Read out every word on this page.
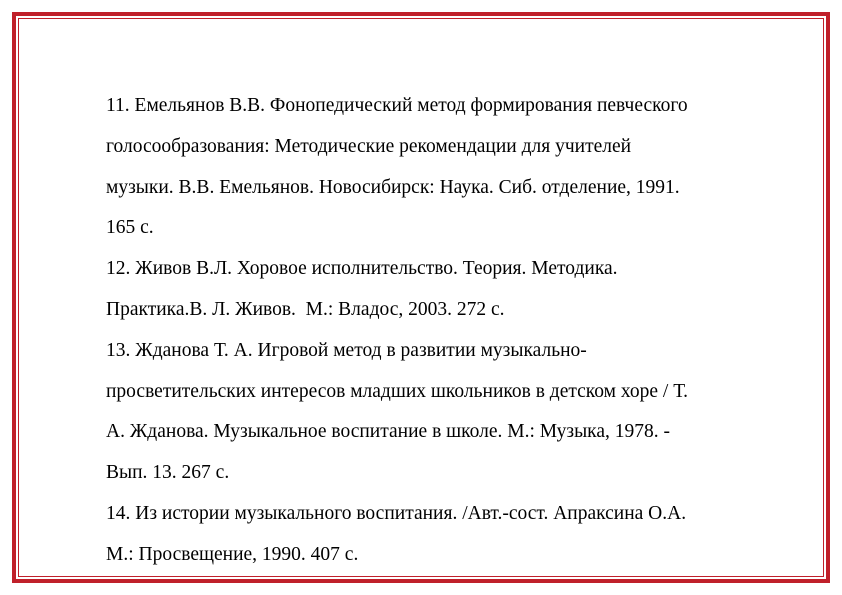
11. Емельянов В.В. Фонопедический метод формирования певческого
голосообразования: Методические рекомендации для учителей
музыки. В.В. Емельянов. Новосибирск: Наука. Сиб. отделение, 1991.
165 с.
12. Живов В.Л. Хоровое исполнительство. Теория. Методика.
Практика.В. Л. Живов.  М.: Владос, 2003. 272 с.
13. Жданова Т. А. Игровой метод в развитии музыкально-
просветительских интересов младших школьников в детском хоре / Т.
А. Жданова. Музыкальное воспитание в школе. М.: Музыка, 1978. -
Вып. 13. 267 с.
14. Из истории музыкального воспитания. /Авт.-сост. Апраксина О.А.
М.: Просвещение, 1990. 407 с.
